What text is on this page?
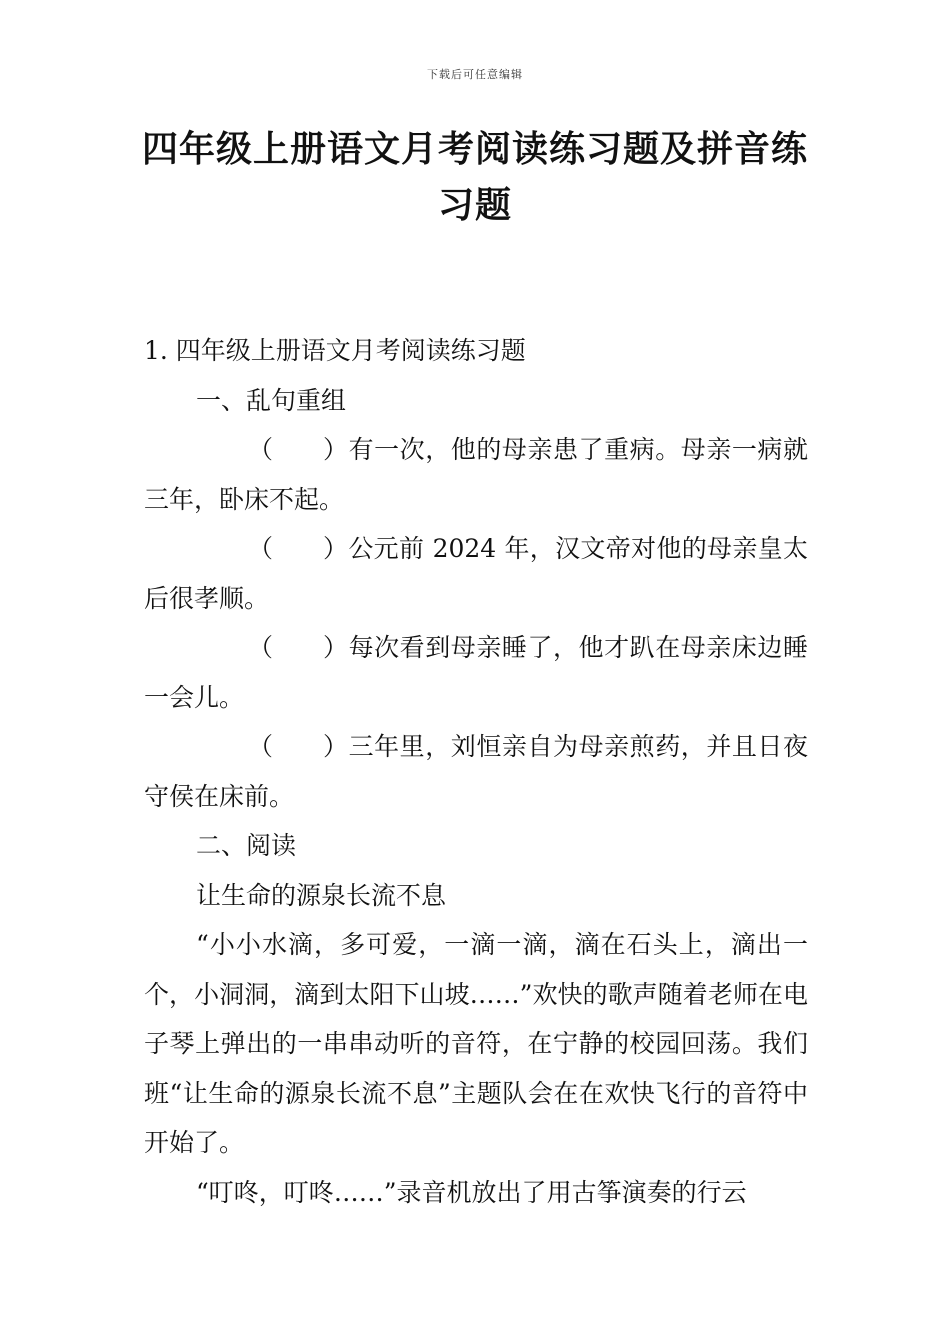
下载后可任意编辑
四年级上册语文月考阅读练习题及拼音练习题

1. 四年级上册语文月考阅读练习题

一、乱句重组

（　　）有一次，他的母亲患了重病。母亲一病就三年，卧床不起。

（　　）公元前 2024 年，汉文帝对他的母亲皇太后很孝顺。

（　　）每次看到母亲睡了，他才趴在母亲床边睡一会儿。

（　　）三年里，刘恒亲自为母亲煎药，并且日夜守侯在床前。

二、阅读

让生命的源泉长流不息

“小小水滴，多可爱，一滴一滴，滴在石头上，滴出一个，小洞洞，滴到太阳下山坡……”欢快的歌声随着老师在电子琴上弹出的一串串动听的音符，在宁静的校园回荡。我们班“让生命的源泉长流不息”主题队会在在欢快飞行的音符中开始了。

“叮咚，叮咚……”录音机放出了用古筝演奏的行云
